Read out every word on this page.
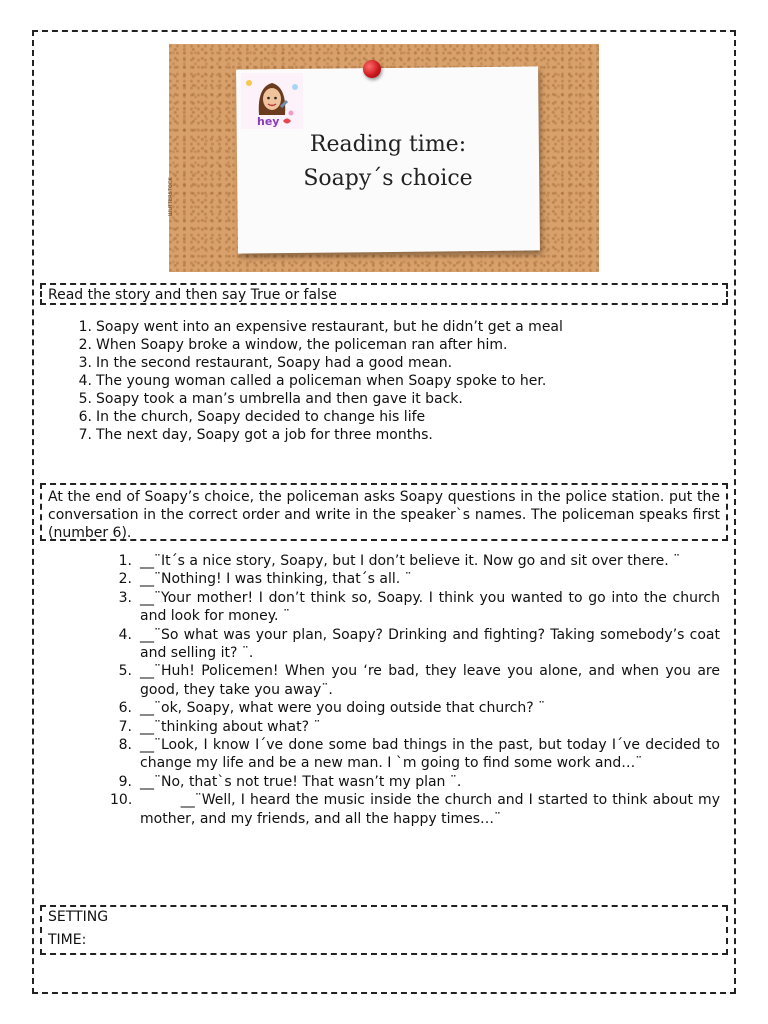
ШUTTERSTOCK
hey
Reading time:
Soapy´s choice
Read the story and then say True or false
1. Soapy went into an expensive restaurant, but he didn’t get a meal
2. When Soapy broke a window, the policeman ran after him.
3. In the second restaurant, Soapy had a good mean.
4. The young woman called a policeman when Soapy spoke to her.
5. Soapy took a man’s umbrella and then gave it back.
6. In the church, Soapy decided to change his life
7. The next day, Soapy got a job for three months.
At the end of Soapy’s choice, the policeman asks Soapy questions in the police station. put the conversation in the correct order and write in the speaker`s names. The policeman speaks first (number 6).
1. __¨It´s a nice story, Soapy, but I don’t believe it. Now go and sit over there. ¨
2. __¨Nothing! I was thinking, that´s all. ¨
3. __¨Your mother! I don’t think so, Soapy. I think you wanted to go into the church and look for money. ¨
4. __¨So what was your plan, Soapy? Drinking and fighting? Taking somebody’s coat and selling it? ¨.
5. __¨Huh! Policemen! When you ‘re bad, they leave you alone, and when you are good, they take you away¨.
6. __¨ok, Soapy, what were you doing outside that church? ¨
7. __¨thinking about what? ¨
8. __¨Look, I know I´ve done some bad things in the past, but today I´ve decided to change my life and be a new man. I `m going to find some work and…¨
9. __¨No, that`s not true! That wasn’t my plan ¨.
10. __¨Well, I heard the music inside the church and I started to think about my mother, and my friends, and all the happy times…¨
SETTING
TIME:
